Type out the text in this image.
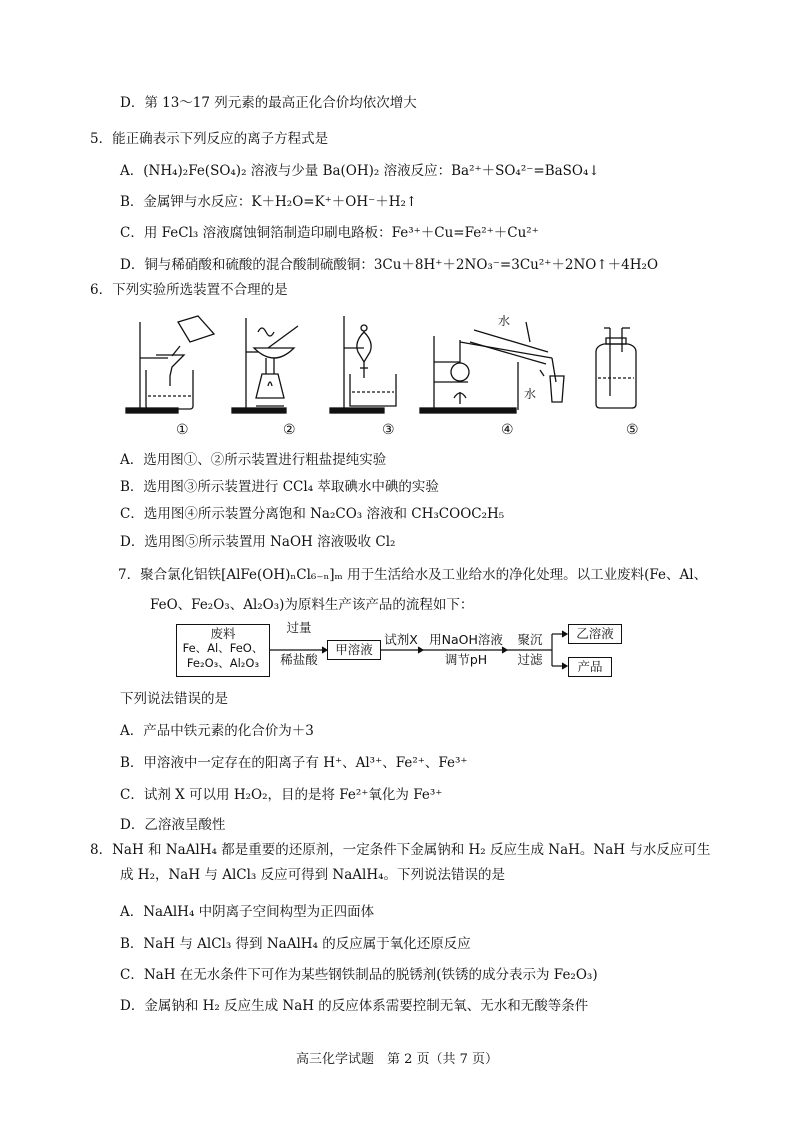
D．第 13～17 列元素的最高正化合价均依次增大
5．能正确表示下列反应的离子方程式是
A．(NH₄)₂Fe(SO₄)₂ 溶液与少量 Ba(OH)₂ 溶液反应：Ba²⁺＋SO₄²⁻=BaSO₄↓
B．金属钾与水反应：K＋H₂O=K⁺＋OH⁻＋H₂↑
C．用 FeCl₃ 溶液腐蚀铜箔制造印刷电路板：Fe³⁺＋Cu=Fe²⁺＋Cu²⁺
D．铜与稀硝酸和硫酸的混合酸制硫酸铜：3Cu＋8H⁺＋2NO₃⁻=3Cu²⁺＋2NO↑＋4H₂O
6．下列实验所选装置不合理的是
水
水
①	②	③	④	⑤
A．选用图①、②所示装置进行粗盐提纯实验
B．选用图③所示装置进行 CCl₄ 萃取碘水中碘的实验
C．选用图④所示装置分离饱和 Na₂CO₃ 溶液和 CH₃COOC₂H₅
D．选用图⑤所示装置用 NaOH 溶液吸收 Cl₂
7．聚合氯化铝铁[AlFe(OH)ₙCl₆₋ₙ]ₘ 用于生活给水及工业给水的净化处理。以工业废料(Fe、Al、
FeO、Fe₂O₃、Al₂O₃)为原料生产该产品的流程如下：
废料
Fe、Al、FeO、
Fe₂O₃、Al₂O₃
过量
稀盐酸
甲溶液
试剂X 用NaOH溶液
调节pH
聚沉
过滤
乙溶液
产品
下列说法错误的是
A．产品中铁元素的化合价为＋3
B．甲溶液中一定存在的阳离子有 H⁺、Al³⁺、Fe²⁺、Fe³⁺
C．试剂 X 可以用 H₂O₂，目的是将 Fe²⁺氧化为 Fe³⁺
D．乙溶液呈酸性
8．NaH 和 NaAlH₄ 都是重要的还原剂，一定条件下金属钠和 H₂ 反应生成 NaH。NaH 与水反应可生
成 H₂，NaH 与 AlCl₃ 反应可得到 NaAlH₄。下列说法错误的是
A．NaAlH₄ 中阴离子空间构型为正四面体
B．NaH 与 AlCl₃ 得到 NaAlH₄ 的反应属于氧化还原反应
C．NaH 在无水条件下可作为某些钢铁制品的脱锈剂(铁锈的成分表示为 Fe₂O₃)
D．金属钠和 H₂ 反应生成 NaH 的反应体系需要控制无氧、无水和无酸等条件
高三化学试题　第 2 页（共 7 页）
